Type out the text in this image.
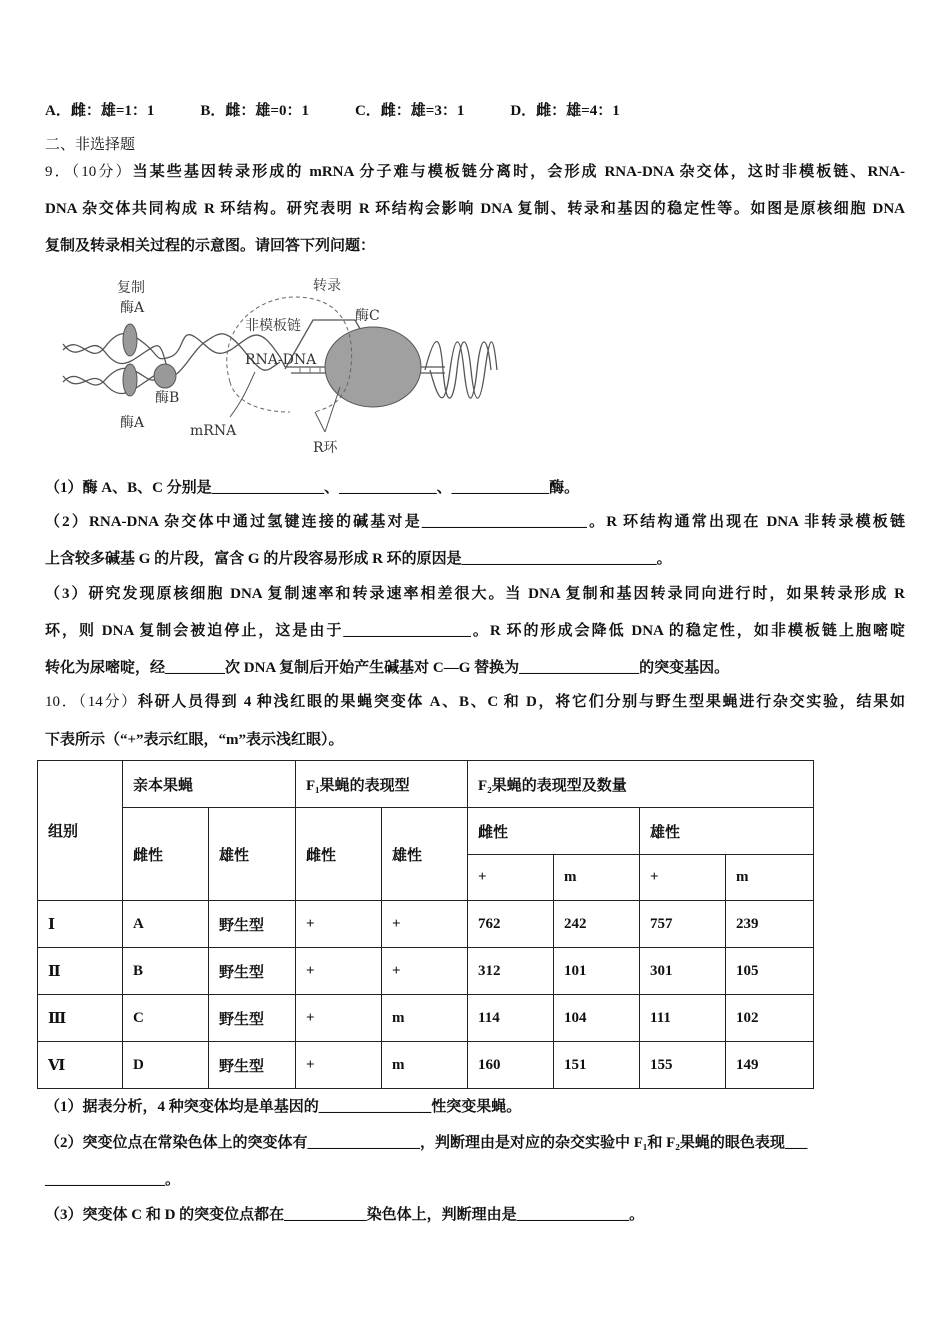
A．雌：雄=1：1	B．雌：雄=0：1	C．雌：雄=3：1	D．雌：雄=4：1
二、非选择题
9．（10分）当某些基因转录形成的 mRNA 分子难与模板链分离时，会形成 RNA-DNA 杂交体，这时非模板链、RNA-
DNA 杂交体共同构成 R 环结构。研究表明 R 环结构会影响 DNA 复制、转录和基因的稳定性等。如图是原核细胞 DNA
复制及转录相关过程的示意图。请回答下列问题：
复制	转录
酶A
酶A
酶B
酶C
非模板链
RNA-DNA
mRNA
R环
（1）酶 A、B、C 分别是_______________、_____________、_____________酶。
（2）RNA-DNA 杂交体中通过氢键连接的碱基对是______________________。R 环结构通常出现在 DNA 非转录模板链
上含较多碱基 G 的片段，富含 G 的片段容易形成 R 环的原因是__________________________。
（3）研究发现原核细胞 DNA 复制速率和转录速率相差很大。当 DNA 复制和基因转录同向进行时，如果转录形成 R
环，则 DNA 复制会被迫停止，这是由于_________________。R 环的形成会降低 DNA 的稳定性，如非模板链上胞嘧啶
转化为尿嘧啶，经________次 DNA 复制后开始产生碱基对 C—G 替换为________________的突变基因。
10．（14分）科研人员得到 4 种浅红眼的果蝇突变体 A、B、C 和 D，将它们分别与野生型果蝇进行杂交实验，结果如
下表所示（“+”表示红眼，“m”表示浅红眼）。
组别	亲本果蝇		F₁果蝇的表现型		F₂果蝇的表现型及数量			
	雌性	雄性	雌性	雄性	雌性		雄性	
					+	m	+	m
Ⅰ	A	野生型	+	+	762	242	757	239
Ⅱ	B	野生型	+	+	312	101	301	105
Ⅲ	C	野生型	+	m	114	104	111	102
Ⅵ	D	野生型	+	m	160	151	155	149
（1）据表分析，4 种突变体均是单基因的_______________性突变果蝇。
（2）突变位点在常染色体上的突变体有_______________，判断理由是对应的杂交实验中 F₁和 F₂果蝇的眼色表现___
________________。
（3）突变体 C 和 D 的突变位点都在___________染色体上，判断理由是_______________。
